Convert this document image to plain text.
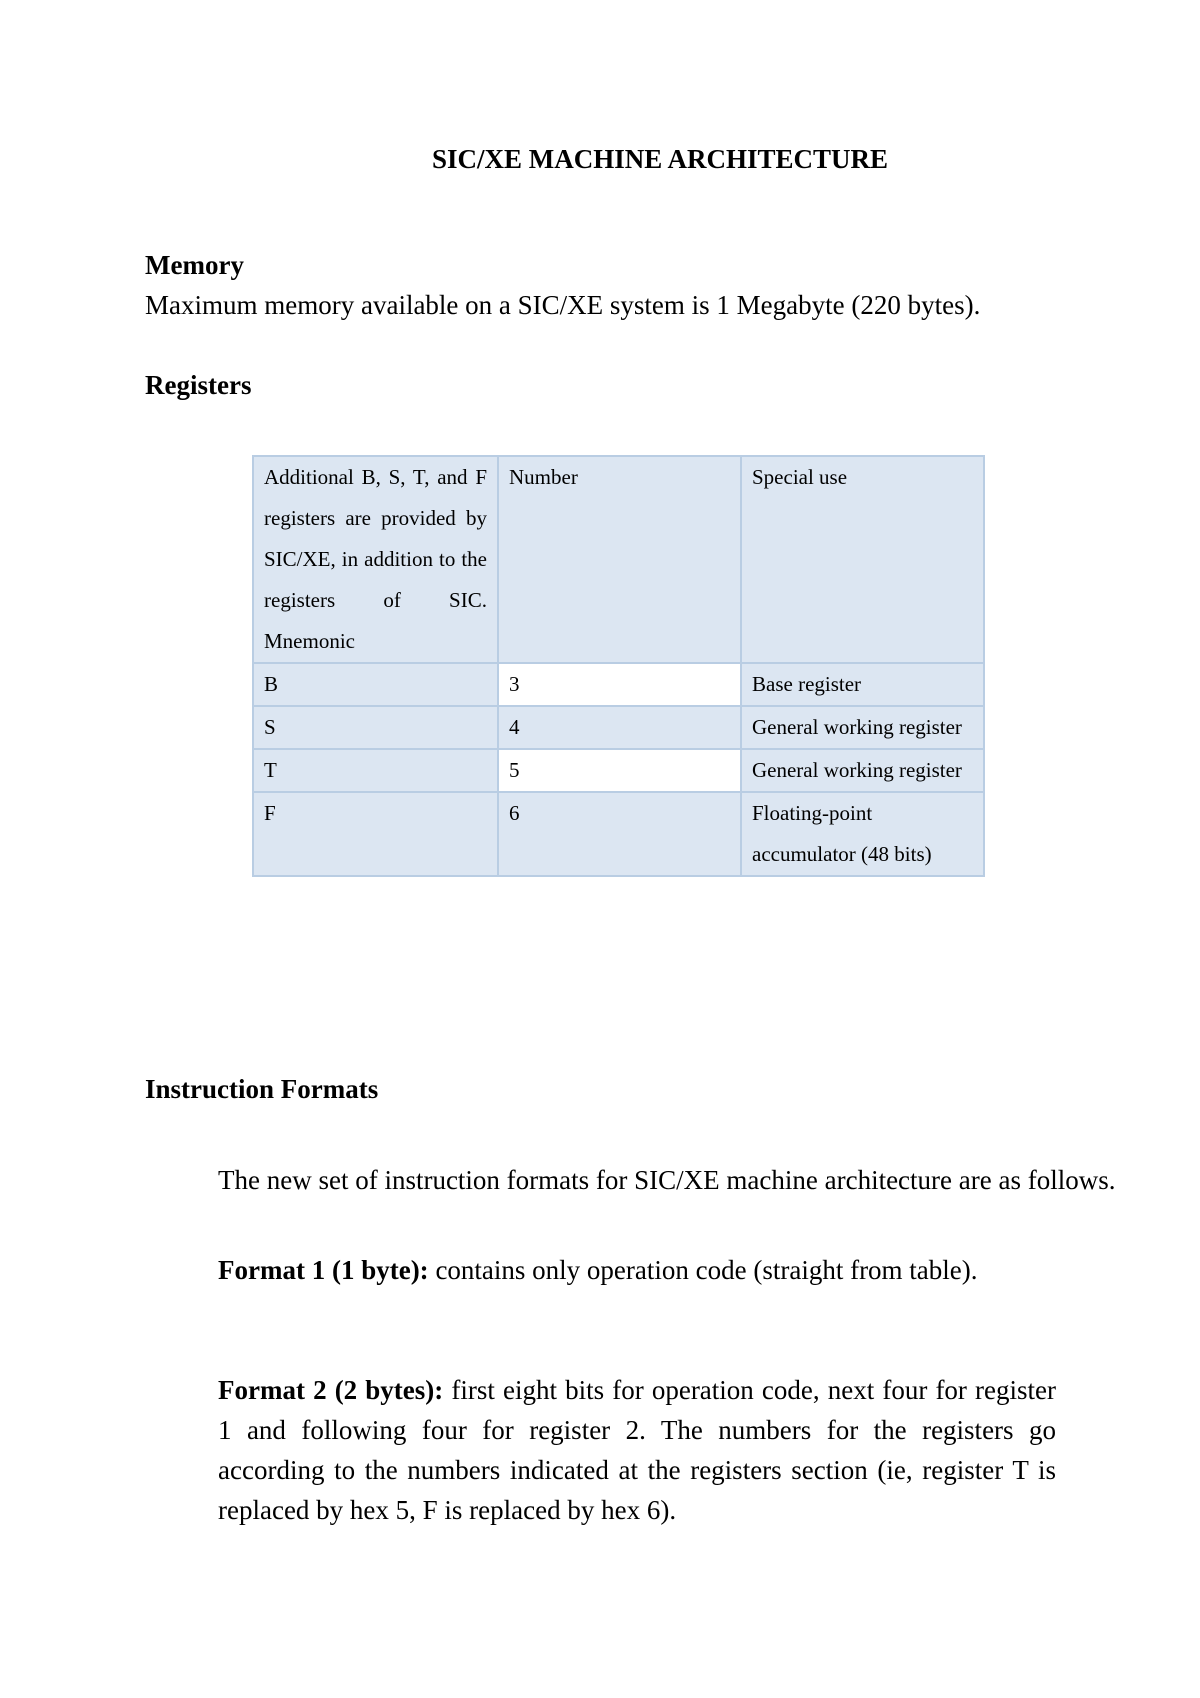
SIC/XE MACHINE ARCHITECTURE
Memory
Maximum memory available on a SIC/XE system is 1 Megabyte (220 bytes).
Registers
Additional B, S, T, and F registers are provided by SIC/XE, in addition to the registers of SIC. Mnemonic	Number	Special use
B	3	Base register
S	4	General working register
T	5	General working register
F	6	Floating-point accumulator (48 bits)
Instruction Formats
The new set of instruction formats for SIC/XE machine architecture are as follows.
Format 1 (1 byte): contains only operation code (straight from table).
Format 2 (2 bytes): first eight bits for operation code, next four for register 1 and following four for register 2. The numbers for the registers go according to the numbers indicated at the registers section (ie, register T is replaced by hex 5, F is replaced by hex 6).
